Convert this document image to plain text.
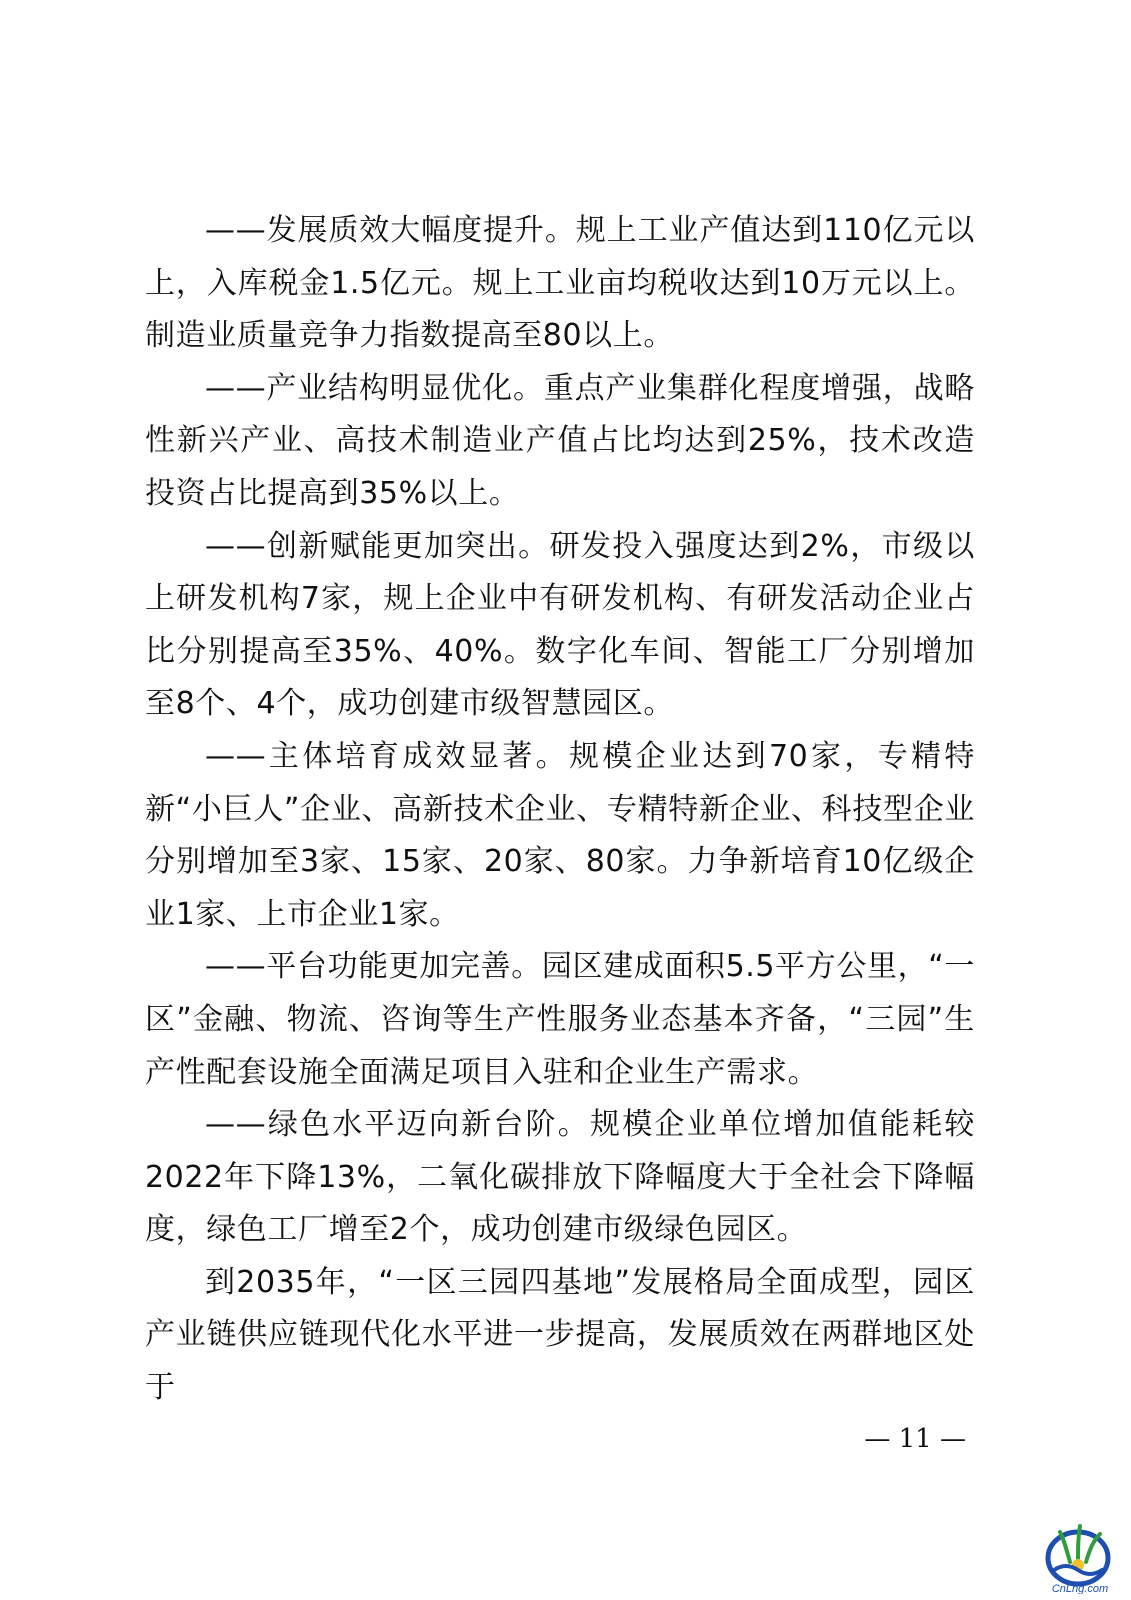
——发展质效大幅度提升。规上工业产值达到110亿元以上，入库税金1.5亿元。规上工业亩均税收达到10万元以上。制造业质量竞争力指数提高至80以上。

——产业结构明显优化。重点产业集群化程度增强，战略性新兴产业、高技术制造业产值占比均达到25%，技术改造投资占比提高到35%以上。

——创新赋能更加突出。研发投入强度达到2%，市级以上研发机构7家，规上企业中有研发机构、有研发活动企业占比分别提高至35%、40%。数字化车间、智能工厂分别增加至8个、4个，成功创建市级智慧园区。

——主体培育成效显著。规模企业达到70家，专精特新“小巨人”企业、高新技术企业、专精特新企业、科技型企业分别增加至3家、15家、20家、80家。力争新培育10亿级企业1家、上市企业1家。

——平台功能更加完善。园区建成面积5.5平方公里，“一区”金融、物流、咨询等生产性服务业态基本齐备，“三园”生产性配套设施全面满足项目入驻和企业生产需求。

——绿色水平迈向新台阶。规模企业单位增加值能耗较2022年下降13%，二氧化碳排放下降幅度大于全社会下降幅度，绿色工厂增至2个，成功创建市级绿色园区。

到2035年，“一区三园四基地”发展格局全面成型，园区产业链供应链现代化水平进一步提高，发展质效在两群地区处于

— 11 —
CnLng.com
